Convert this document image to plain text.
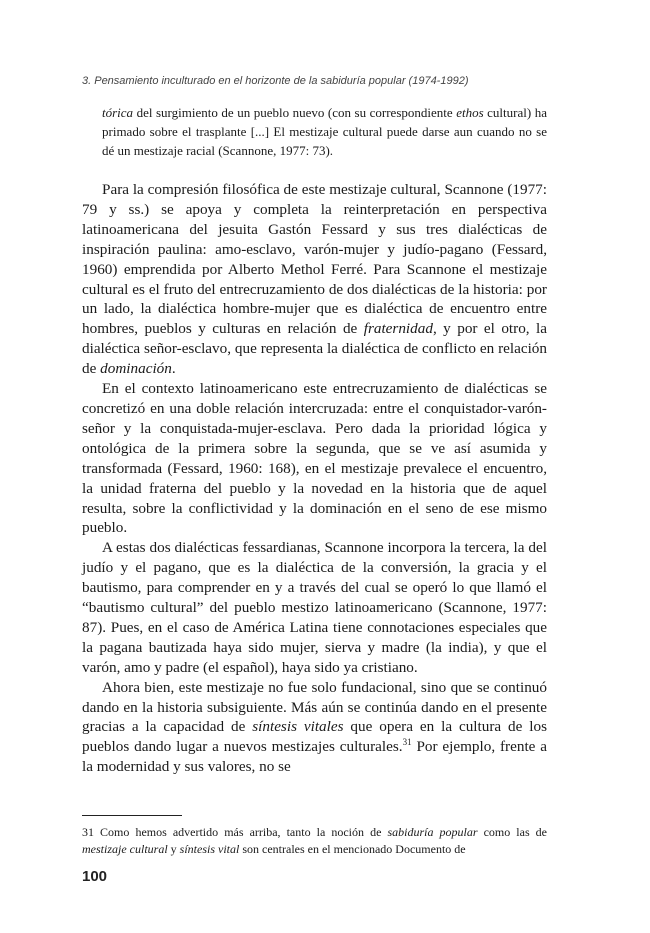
3. Pensamiento inculturado en el horizonte de la sabiduría popular (1974-1992)
tórica del surgimiento de un pueblo nuevo (con su correspondiente ethos cultural) ha primado sobre el trasplante [...] El mestizaje cultural puede darse aun cuando no se dé un mestizaje racial (Scannone, 1977: 73).

Para la compresión filosófica de este mestizaje cultural, Scannone (1977: 79 y ss.) se apoya y completa la reinterpretación en perspectiva latinoamericana del jesuita Gastón Fessard y sus tres dialécticas de inspiración paulina: amo-esclavo, varón-mujer y judío-pagano (Fessard, 1960) emprendida por Alberto Methol Ferré. Para Scannone el mestizaje cultural es el fruto del entrecruzamiento de dos dialécticas de la historia: por un lado, la dialéctica hombre-mujer que es dialéctica de encuentro entre hombres, pueblos y culturas en relación de fraternidad, y por el otro, la dialéctica señor-esclavo, que representa la dialéctica de conflicto en relación de dominación.

En el contexto latinoamericano este entrecruzamiento de dialécticas se concretizó en una doble relación intercruzada: entre el conquistador-varón-señor y la conquistada-mujer-esclava. Pero dada la prioridad lógica y ontológica de la primera sobre la segunda, que se ve así asumida y transformada (Fessard, 1960: 168), en el mestizaje prevalece el encuentro, la unidad fraterna del pueblo y la novedad en la historia que de aquel resulta, sobre la conflictividad y la dominación en el seno de ese mismo pueblo.

A estas dos dialécticas fessardianas, Scannone incorpora la tercera, la del judío y el pagano, que es la dialéctica de la conversión, la gracia y el bautismo, para comprender en y a través del cual se operó lo que llamó el “bautismo cultural” del pueblo mestizo latinoamericano (Scannone, 1977: 87). Pues, en el caso de América Latina tiene connotaciones especiales que la pagana bautizada haya sido mujer, sierva y madre (la india), y que el varón, amo y padre (el español), haya sido ya cristiano.

Ahora bien, este mestizaje no fue solo fundacional, sino que se continuó dando en la historia subsiguiente. Más aún se continúa dando en el presente gracias a la capacidad de síntesis vitales que opera en la cultura de los pueblos dando lugar a nuevos mestizajes culturales.$^{31}$ Por ejemplo, frente a la modernidad y sus valores, no se

31 Como hemos advertido más arriba, tanto la noción de sabiduría popular como las de mestizaje cultural y síntesis vital son centrales en el mencionado Documento de
100
